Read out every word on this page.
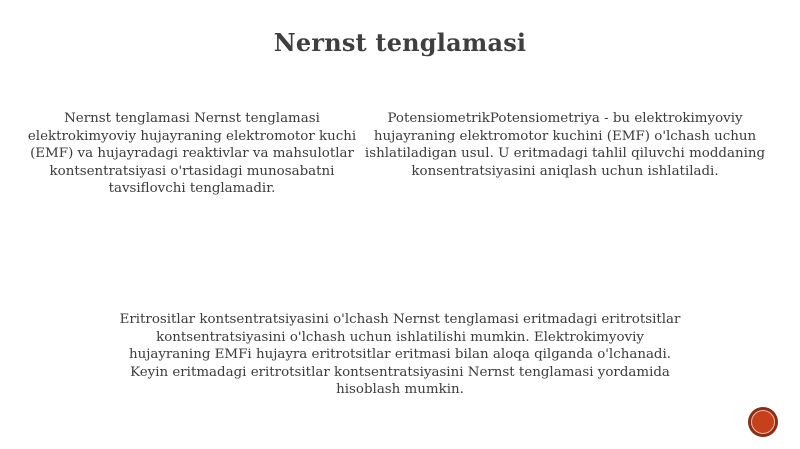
Nernst tenglamasi
Nernst tenglamasi Nernst tenglamasi elektrokimyoviy hujayraning elektromotor kuchi (EMF) va hujayradagi reaktivlar va mahsulotlar kontsentratsiyasi o'rtasidagi munosabatni tavsiflovchi tenglamadir.
PotensiometrikPotensiometriya - bu elektrokimyoviy hujayraning elektromotor kuchini (EMF) o'lchash uchun ishlatiladigan usul. U eritmadagi tahlil qiluvchi moddaning konsentratsiyasini aniqlash uchun ishlatiladi.
Eritrositlar kontsentratsiyasini o'lchash Nernst tenglamasi eritmadagi eritrotsitlar kontsentratsiyasini o'lchash uchun ishlatilishi mumkin. Elektrokimyoviy hujayraning EMFi hujayra eritrotsitlar eritmasi bilan aloqa qilganda o'lchanadi. Keyin eritmadagi eritrotsitlar kontsentratsiyasini Nernst tenglamasi yordamida hisoblash mumkin.
